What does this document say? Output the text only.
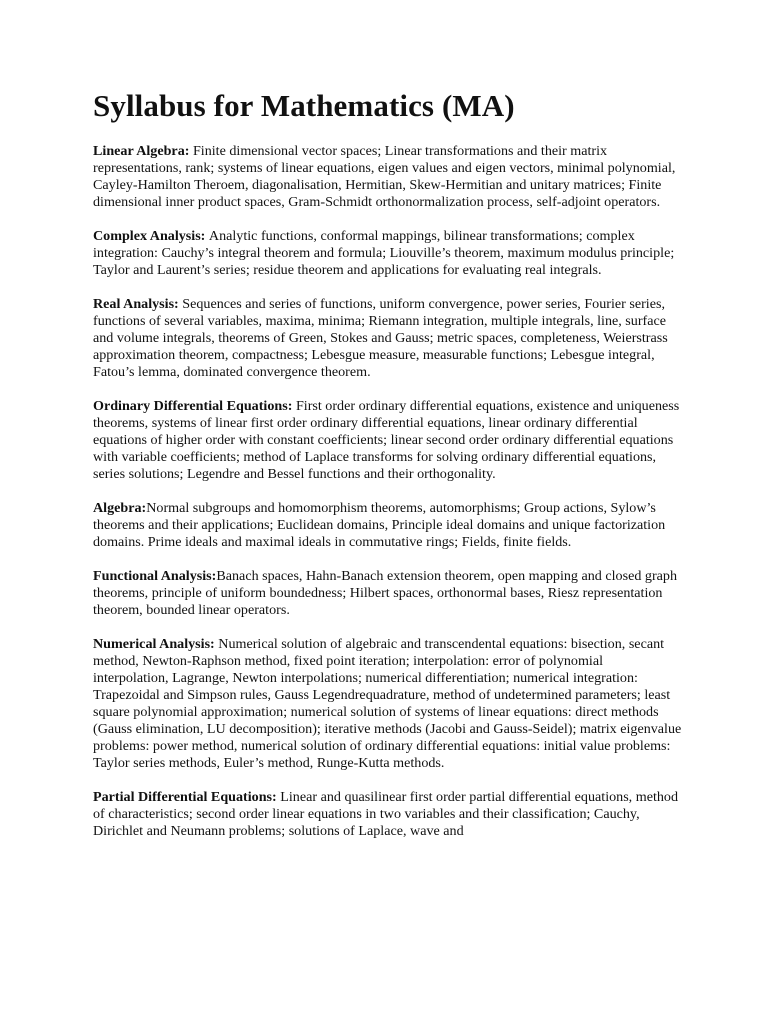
Syllabus for Mathematics (MA)

Linear Algebra: Finite dimensional vector spaces; Linear transformations and their matrix representations, rank; systems of linear equations, eigen values and eigen vectors, minimal polynomial, Cayley-Hamilton Theroem, diagonalisation, Hermitian, Skew-Hermitian and unitary matrices; Finite dimensional inner product spaces, Gram-Schmidt orthonormalization process, self-adjoint operators.

Complex Analysis: Analytic functions, conformal mappings, bilinear transformations; complex integration: Cauchy’s integral theorem and formula; Liouville’s theorem, maximum modulus principle; Taylor and Laurent’s series; residue theorem and applications for evaluating real integrals.

Real Analysis: Sequences and series of functions, uniform convergence, power series, Fourier series, functions of several variables, maxima, minima; Riemann integration, multiple integrals, line, surface and volume integrals, theorems of Green, Stokes and Gauss; metric spaces, completeness, Weierstrass approximation theorem, compactness; Lebesgue measure, measurable functions; Lebesgue integral, Fatou’s lemma, dominated convergence theorem.

Ordinary Differential Equations: First order ordinary differential equations, existence and uniqueness theorems, systems of linear first order ordinary differential equations, linear ordinary differential equations of higher order with constant coefficients; linear second order ordinary differential equations with variable coefficients; method of Laplace transforms for solving ordinary differential equations, series solutions; Legendre and Bessel functions and their orthogonality.

Algebra:Normal subgroups and homomorphism theorems, automorphisms; Group actions, Sylow’s theorems and their applications; Euclidean domains, Principle ideal domains and unique factorization domains. Prime ideals and maximal ideals in commutative rings; Fields, finite fields.

Functional Analysis:Banach spaces, Hahn-Banach extension theorem, open mapping and closed graph theorems, principle of uniform boundedness; Hilbert spaces, orthonormal bases, Riesz representation theorem, bounded linear operators.

Numerical Analysis: Numerical solution of algebraic and transcendental equations: bisection, secant method, Newton-Raphson method, fixed point iteration; interpolation: error of polynomial interpolation, Lagrange, Newton interpolations; numerical differentiation; numerical integration: Trapezoidal and Simpson rules, Gauss Legendrequadrature, method of undetermined parameters; least square polynomial approximation; numerical solution of systems of linear equations: direct methods (Gauss elimination, LU decomposition); iterative methods (Jacobi and Gauss-Seidel); matrix eigenvalue problems: power method, numerical solution of ordinary differential equations: initial value problems: Taylor series methods, Euler’s method, Runge-Kutta methods.

Partial Differential Equations: Linear and quasilinear first order partial differential equations, method of characteristics; second order linear equations in two variables and their classification; Cauchy, Dirichlet and Neumann problems; solutions of Laplace, wave and
